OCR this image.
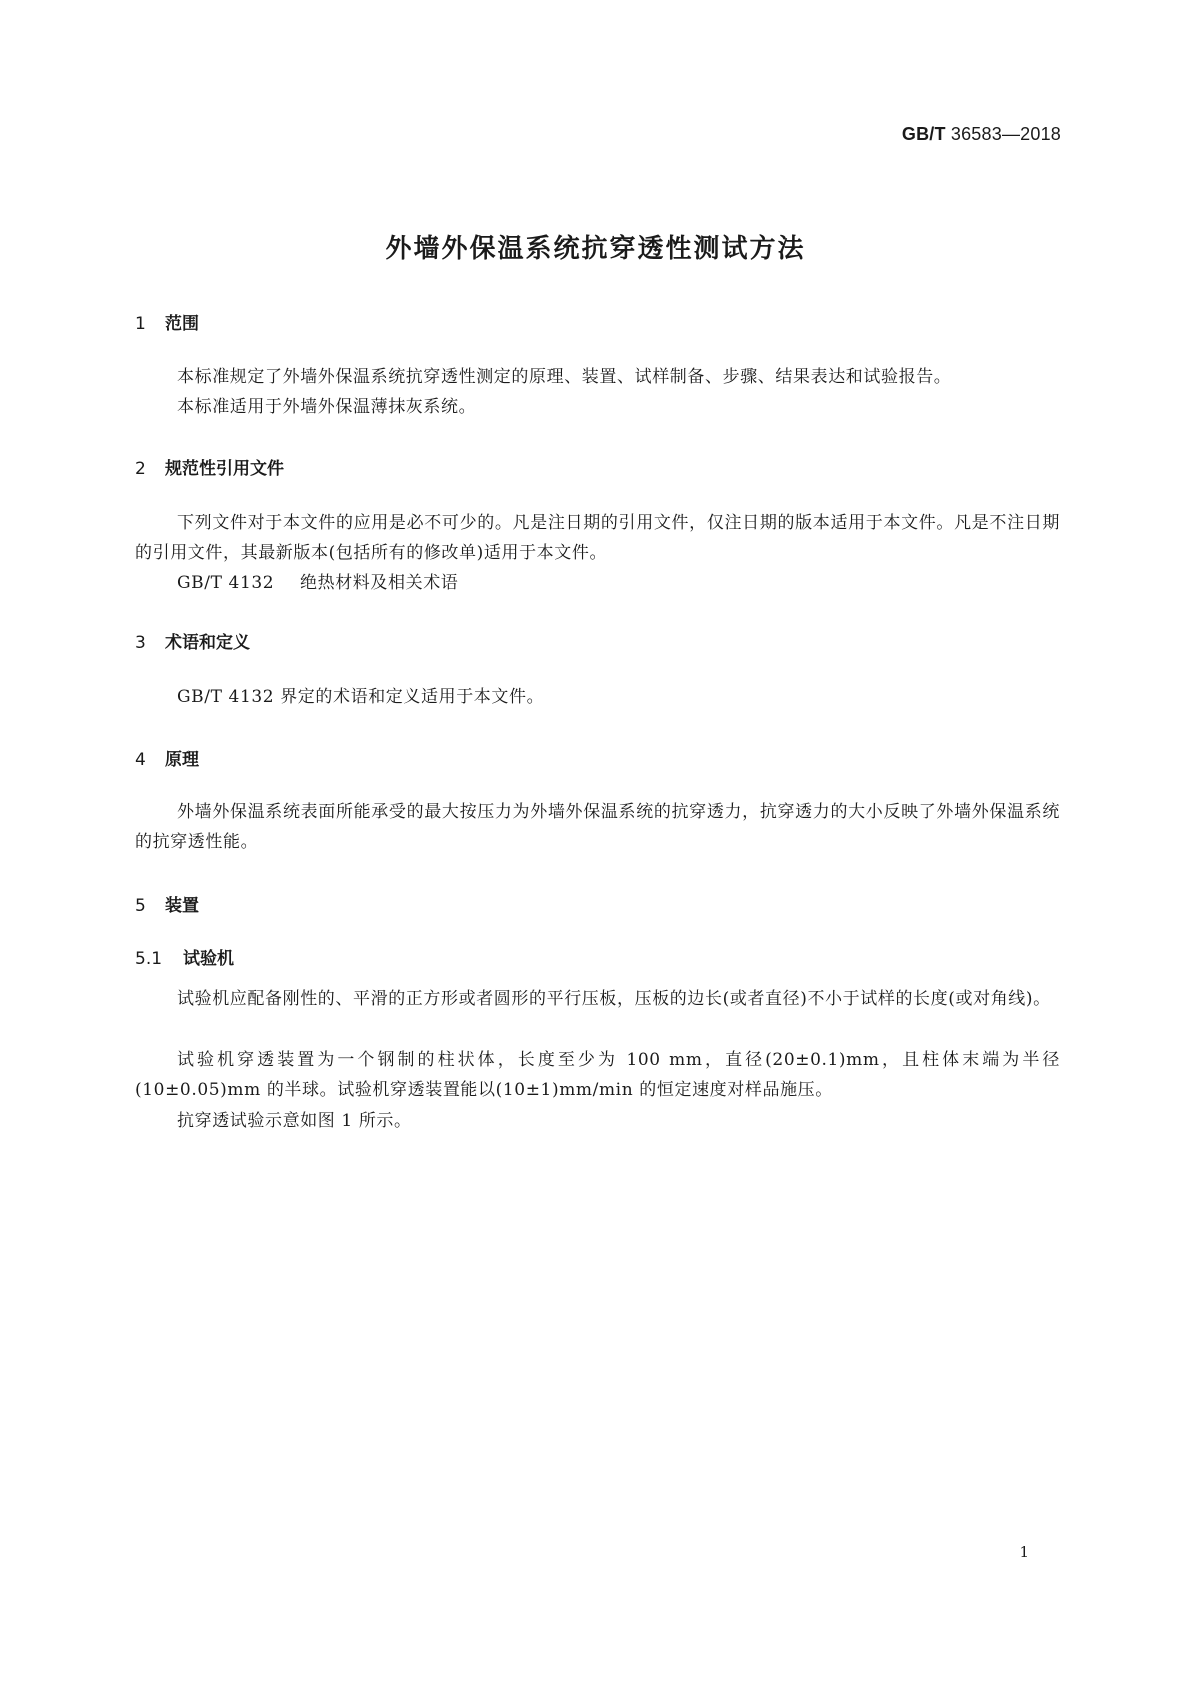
GB/T 36583—2018
外墙外保温系统抗穿透性测试方法
1 范围
本标准规定了外墙外保温系统抗穿透性测定的原理、装置、试样制备、步骤、结果表达和试验报告。
本标准适用于外墙外保温薄抹灰系统。
2 规范性引用文件
下列文件对于本文件的应用是必不可少的。凡是注日期的引用文件，仅注日期的版本适用于本文件。凡是不注日期的引用文件，其最新版本(包括所有的修改单)适用于本文件。
GB/T 4132 绝热材料及相关术语
3 术语和定义
GB/T 4132 界定的术语和定义适用于本文件。
4 原理
外墙外保温系统表面所能承受的最大按压力为外墙外保温系统的抗穿透力，抗穿透力的大小反映了外墙外保温系统的抗穿透性能。
5 装置
5.1 试验机
试验机应配备刚性的、平滑的正方形或者圆形的平行压板，压板的边长(或者直径)不小于试样的长度(或对角线)。
试验机穿透装置为一个钢制的柱状体，长度至少为 100 mm，直径(20±0.1)mm，且柱体末端为半径(10±0.05)mm 的半球。试验机穿透装置能以(10±1)mm/min 的恒定速度对样品施压。
抗穿透试验示意如图 1 所示。
1
